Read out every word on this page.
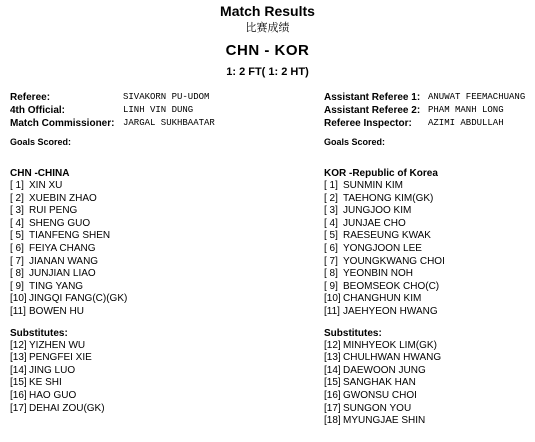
Match Results
比赛成绩
CHN - KOR
1: 2 FT( 1: 2 HT)
Referee:	SIVAKORN PU-UDOM
4th Official:	LINH VIN DUNG
Match Commissioner: JARGAL SUKHBAATAR
Assistant Referee 1: ANUWAT FEEMACHUANG
Assistant Referee 2: PHAM MANH LONG
Referee Inspector: AZIMI ABDULLAH
Goals Scored:	Goals Scored:
CHN -CHINA
[ 1] XIN XU
[ 2] XUEBIN ZHAO
[ 3] RUI PENG
[ 4] SHENG GUO
[ 5] TIANFENG SHEN
[ 6] FEIYA CHANG
[ 7] JIANAN WANG
[ 8] JUNJIAN LIAO
[ 9] TING YANG
[10] JINGQI FANG(C)(GK)
[11] BOWEN HU
Substitutes:
[12] YIZHEN WU
[13] PENGFEI XIE
[14] JING LUO
[15] KE SHI
[16] HAO GUO
[17] DEHAI ZOU(GK)
KOR -Republic of Korea
[ 1] SUNMIN KIM
[ 2] TAEHONG KIM(GK)
[ 3] JUNGJOO KIM
[ 4] JUNJAE CHO
[ 5] RAESEUNG KWAK
[ 6] YONGJOON LEE
[ 7] YOUNGKWANG CHOI
[ 8] YEONBIN NOH
[ 9] BEOMSEOK CHO(C)
[10] CHANGHUN KIM
[11] JAEHYEON HWANG
Substitutes:
[12] MINHYEOK LIM(GK)
[13] CHULHWAN HWANG
[14] DAEWOON JUNG
[15] SANGHAK HAN
[16] GWONSU CHOI
[17] SUNGON YOU
[18] MYUNGJAE SHIN
